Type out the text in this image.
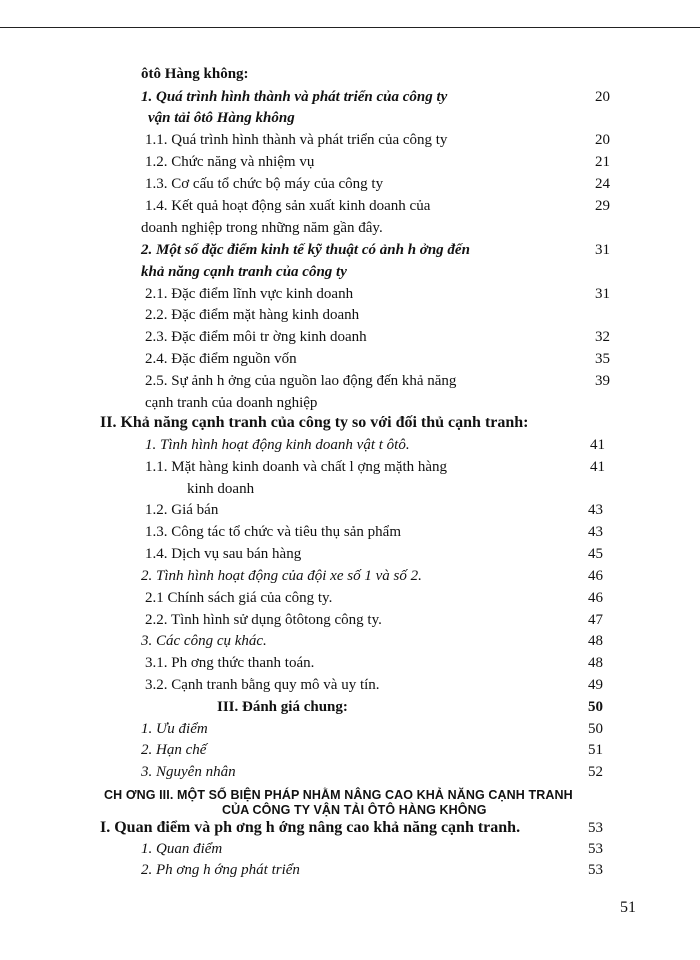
ôtô Hàng không:
1. Quá trình hình thành và phát triển của công ty	20
vận tải ôtô Hàng không
1.1. Quá trình hình thành và phát triển của công ty	20
1.2. Chức năng và nhiệm vụ	21
1.3. Cơ cấu tổ chức bộ máy của công ty	24
1.4. Kết quả hoạt động sản xuất kinh doanh của	29
doanh nghiệp trong những năm gần đây.
2. Một số đặc điểm kinh tế kỹ thuật có ảnh h ởng đến	31
khả năng cạnh tranh của công ty
2.1. Đặc điểm lĩnh vực kinh doanh	31
2.2. Đặc điểm mặt hàng kinh doanh
2.3. Đặc điểm môi tr ờng kinh doanh	32
2.4. Đặc điểm nguồn vốn	35
2.5. Sự ảnh h ởng của nguồn lao động đến khả năng	39
cạnh tranh của doanh nghiệp
II. Khả năng cạnh tranh của công ty so với đối thủ cạnh tranh:
1. Tình hình hoạt động kinh doanh vật t ôtô.	41
1.1. Mặt hàng kinh doanh và chất l ợng mặth hàng	41
kinh doanh
1.2. Giá bán	43
1.3. Công tác tổ chức và tiêu thụ sản phẩm	43
1.4. Dịch vụ sau bán hàng	45
2. Tình hình hoạt động của đội xe số 1 và số 2.	46
2.1 Chính sách giá của công ty.	46
2.2. Tình hình sử dụng ôtôtong công ty.	47
3. Các công cụ khác.	48
3.1. Ph ơng thức thanh toán.	48
3.2. Cạnh tranh bằng quy mô và uy tín.	49
III. Đánh giá chung:	50
1. Ưu điểm	50
2. Hạn chế	51
3. Nguyên nhân	52
CH ƠNG III. MỘT SỐ BIỆN PHÁP NHẰM NÂNG CAO KHẢ NĂNG CẠNH TRANH
CỦA CÔNG TY VẬN TẢI ÔTÔ HÀNG KHÔNG
I. Quan điểm và ph ơng h ớng nâng cao khả năng cạnh tranh.	53
1. Quan điểm	53
2. Ph ơng h ớng phát triển	53
51
